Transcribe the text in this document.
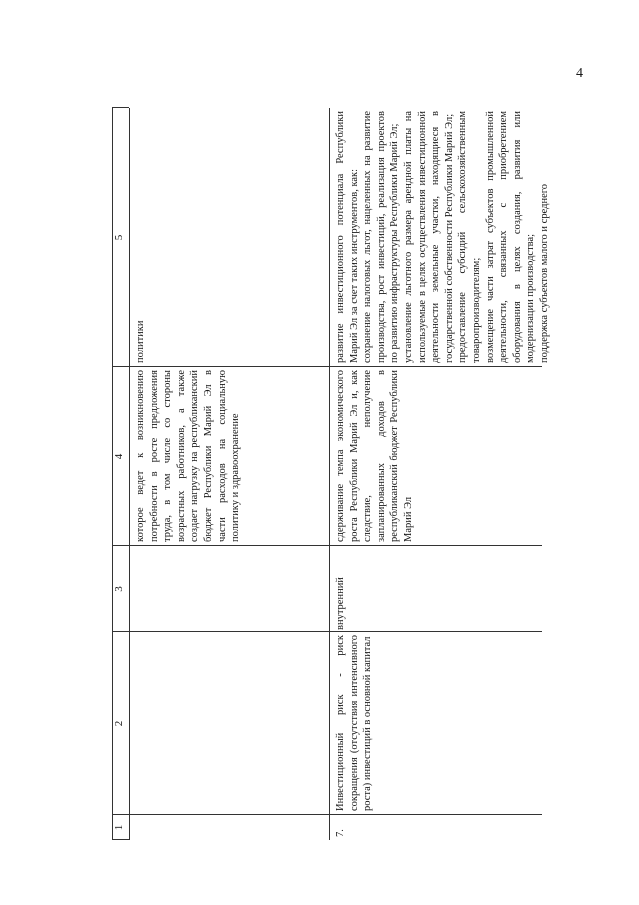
4
1
2
3
4
5
которое ведет к возникновению потребности в росте предложения труда, в том числе со стороны возрастных работников, а также создает нагрузку на республиканский бюджет Республики Марий Эл в части расходов на социальную политику и здравоохранение
политики
7.
Инвестиционный риск - риск сокращения (отсутствия интенсивного роста) инвестиций в основной капитал
внутренний
сдерживание темпа экономического роста Республики Марий Эл и, как следствие, неполучение запланированных доходов в республиканский бюджет Республики Марий Эл

развитие инвестиционного потенциала Республики Марий Эл за счет таких инструментов, как: сохранение налоговых льгот, нацеленных на развитие производства, рост инвестиций, реализация проектов по развитию инфраструктуры Республики Марий Эл; установление льготного размера арендной платы на используемые в целях осуществления инвестиционной деятельности земельные участки, находящиеся в государственной собственности Республики Марий Эл; предоставление субсидий сельскохозяйственным товаропроизводителям; возмещение части затрат субъектов промышленной деятельности, связанных с приобретением оборудования в целях создания, развития или модернизации производства; поддержка субъектов малого и среднего
